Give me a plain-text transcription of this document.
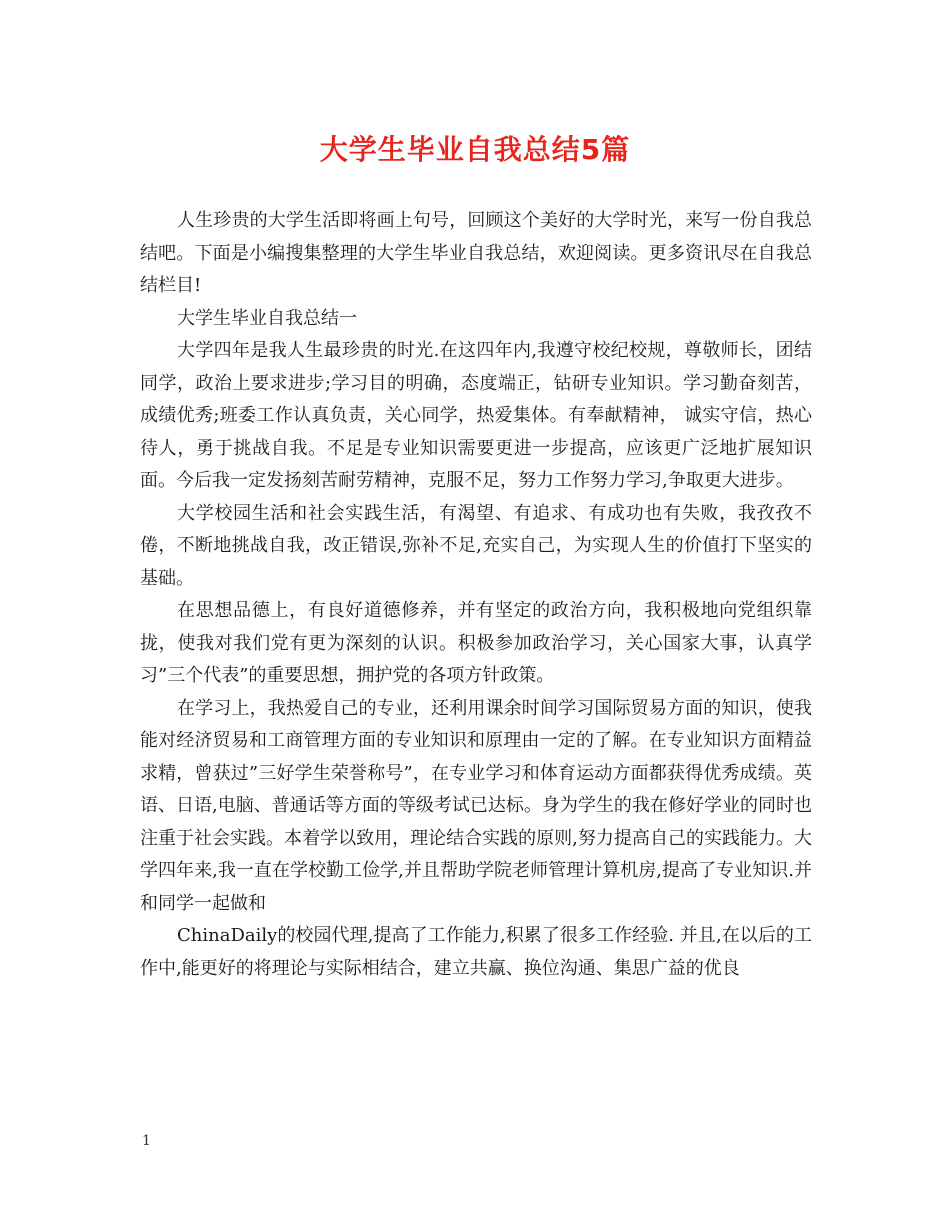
大学生毕业自我总结5篇

人生珍贵的大学生活即将画上句号，回顾这个美好的大学时光，来写一份自我总结吧。下面是小编搜集整理的大学生毕业自我总结，欢迎阅读。更多资讯尽在自我总结栏目!

大学生毕业自我总结一

大学四年是我人生最珍贵的时光.在这四年内,我遵守校纪校规，尊敬师长，团结同学，政治上要求进步;学习目的明确，态度端正，钻研专业知识。学习勤奋刻苦，成绩优秀;班委工作认真负责，关心同学，热爱集体。有奉献精神， 诚实守信，热心待人，勇于挑战自我。不足是专业知识需要更进一步提高，应该更广泛地扩展知识面。今后我一定发扬刻苦耐劳精神，克服不足，努力工作努力学习,争取更大进步。

大学校园生活和社会实践生活，有渴望、有追求、有成功也有失败，我孜孜不倦，不断地挑战自我，改正错误,弥补不足,充实自己，为实现人生的价值打下坚实的基础。

在思想品德上，有良好道德修养，并有坚定的政治方向，我积极地向党组织靠拢，使我对我们党有更为深刻的认识。积极参加政治学习，关心国家大事，认真学习”三个代表”的重要思想，拥护党的各项方针政策。

在学习上，我热爱自己的专业，还利用课余时间学习国际贸易方面的知识，使我能对经济贸易和工商管理方面的专业知识和原理由一定的了解。在专业知识方面精益求精，曾获过”三好学生荣誉称号”，在专业学习和体育运动方面都获得优秀成绩。英语、日语,电脑、普通话等方面的等级考试已达标。身为学生的我在修好学业的同时也注重于社会实践。本着学以致用，理论结合实践的原则,努力提高自己的实践能力。大学四年来,我一直在学校勤工俭学,并且帮助学院老师管理计算机房,提高了专业知识.并和同学一起做和

ChinaDaily的校园代理,提高了工作能力,积累了很多工作经验. 并且,在以后的工作中,能更好的将理论与实际相结合，建立共赢、换位沟通、集思广益的优良

1
